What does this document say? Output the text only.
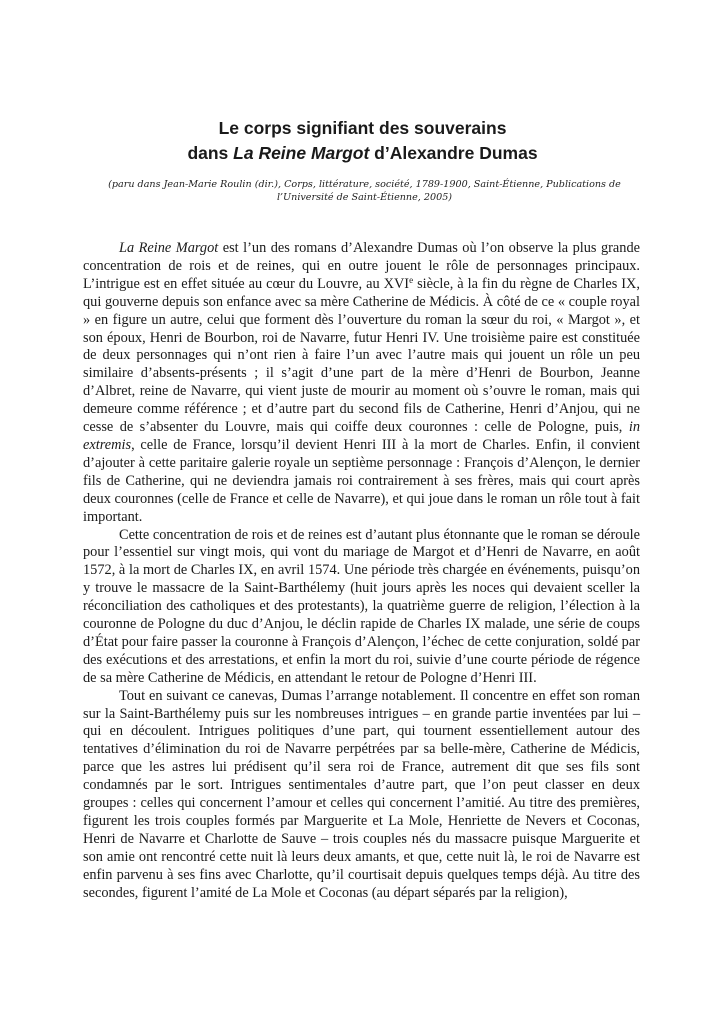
Le corps signifiant des souverains
dans La Reine Margot d’Alexandre Dumas
(paru dans Jean-Marie Roulin (dir.), Corps, littérature, société, 1789-1900, Saint-Étienne, Publications de l’Université de Saint-Étienne, 2005)

La Reine Margot est l’un des romans d’Alexandre Dumas où l’on observe la plus grande concentration de rois et de reines, qui en outre jouent le rôle de personnages principaux. L’intrigue est en effet située au cœur du Louvre, au XVIe siècle, à la fin du règne de Charles IX, qui gouverne depuis son enfance avec sa mère Catherine de Médicis. À côté de ce « couple royal » en figure un autre, celui que forment dès l’ouverture du roman la sœur du roi, « Margot », et son époux, Henri de Bourbon, roi de Navarre, futur Henri IV. Une troisième paire est constituée de deux personnages qui n’ont rien à faire l’un avec l’autre mais qui jouent un rôle un peu similaire d’absents-présents ; il s’agit d’une part de la mère d’Henri de Bourbon, Jeanne d’Albret, reine de Navarre, qui vient juste de mourir au moment où s’ouvre le roman, mais qui demeure comme référence ; et d’autre part du second fils de Catherine, Henri d’Anjou, qui ne cesse de s’absenter du Louvre, mais qui coiffe deux couronnes : celle de Pologne, puis, in extremis, celle de France, lorsqu’il devient Henri III à la mort de Charles. Enfin, il convient d’ajouter à cette paritaire galerie royale un septième personnage : François d’Alençon, le dernier fils de Catherine, qui ne deviendra jamais roi contrairement à ses frères, mais qui court après deux couronnes (celle de France et celle de Navarre), et qui joue dans le roman un rôle tout à fait important.

Cette concentration de rois et de reines est d’autant plus étonnante que le roman se déroule pour l’essentiel sur vingt mois, qui vont du mariage de Margot et d’Henri de Navarre, en août 1572, à la mort de Charles IX, en avril 1574. Une période très chargée en événements, puisqu’on y trouve le massacre de la Saint-Barthélemy (huit jours après les noces qui devaient sceller la réconciliation des catholiques et des protestants), la quatrième guerre de religion, l’élection à la couronne de Pologne du duc d’Anjou, le déclin rapide de Charles IX malade, une série de coups d’État pour faire passer la couronne à François d’Alençon, l’échec de cette conjuration, soldé par des exécutions et des arrestations, et enfin la mort du roi, suivie d’une courte période de régence de sa mère Catherine de Médicis, en attendant le retour de Pologne d’Henri III.

Tout en suivant ce canevas, Dumas l’arrange notablement. Il concentre en effet son roman sur la Saint-Barthélemy puis sur les nombreuses intrigues – en grande partie inventées par lui – qui en découlent. Intrigues politiques d’une part, qui tournent essentiellement autour des tentatives d’élimination du roi de Navarre perpétrées par sa belle-mère, Catherine de Médicis, parce que les astres lui prédisent qu’il sera roi de France, autrement dit que ses fils sont condamnés par le sort. Intrigues sentimentales d’autre part, que l’on peut classer en deux groupes : celles qui concernent l’amour et celles qui concernent l’amitié. Au titre des premières, figurent les trois couples formés par Marguerite et La Mole, Henriette de Nevers et Coconas, Henri de Navarre et Charlotte de Sauve – trois couples nés du massacre puisque Marguerite et son amie ont rencontré cette nuit là leurs deux amants, et que, cette nuit là, le roi de Navarre est enfin parvenu à ses fins avec Charlotte, qu’il courtisait depuis quelques temps déjà. Au titre des secondes, figurent l’amité de La Mole et Coconas (au départ séparés par la religion),
